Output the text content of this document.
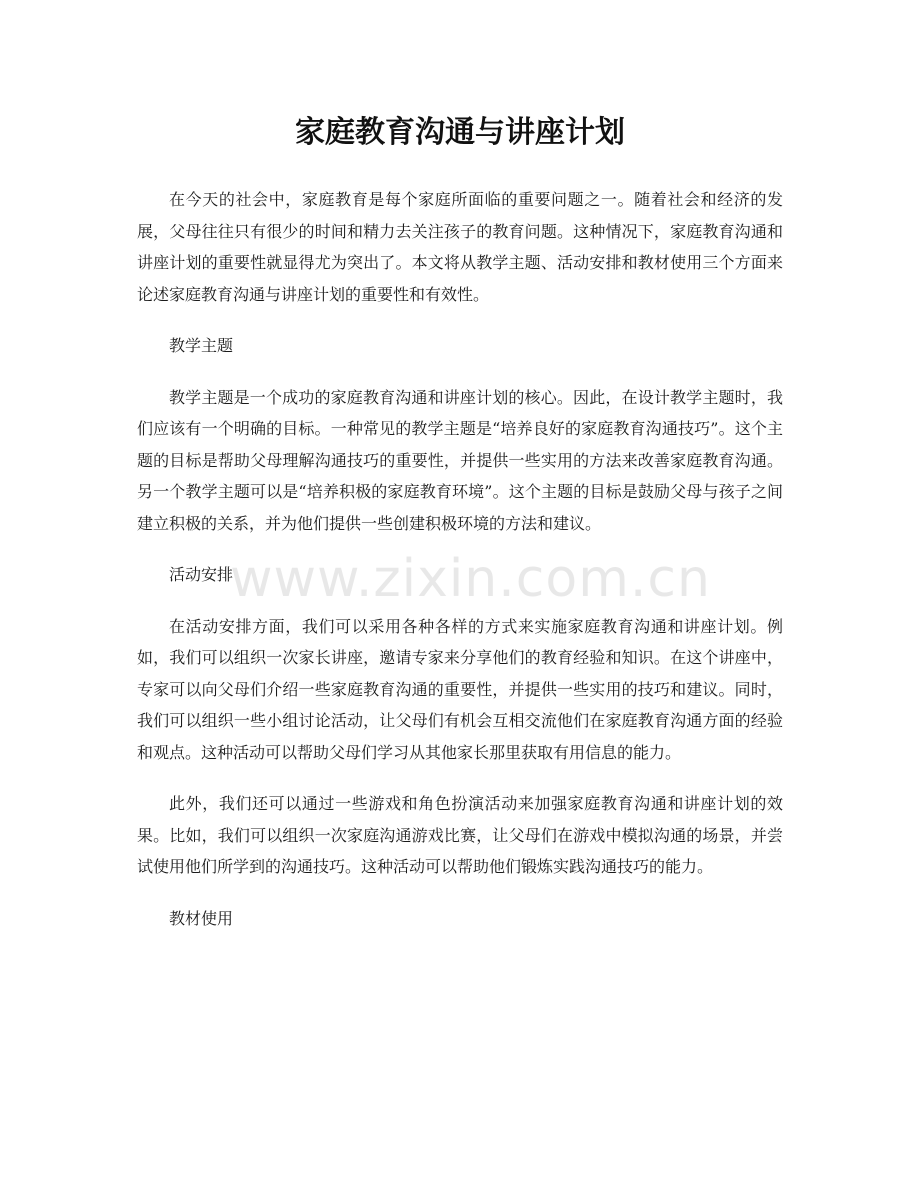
家庭教育沟通与讲座计划

在今天的社会中，家庭教育是每个家庭所面临的重要问题之一。随着社会和经济的发展，父母往往只有很少的时间和精力去关注孩子的教育问题。这种情况下，家庭教育沟通和讲座计划的重要性就显得尤为突出了。本文将从教学主题、活动安排和教材使用三个方面来论述家庭教育沟通与讲座计划的重要性和有效性。

教学主题

教学主题是一个成功的家庭教育沟通和讲座计划的核心。因此，在设计教学主题时，我们应该有一个明确的目标。一种常见的教学主题是“培养良好的家庭教育沟通技巧”。这个主题的目标是帮助父母理解沟通技巧的重要性，并提供一些实用的方法来改善家庭教育沟通。另一个教学主题可以是“培养积极的家庭教育环境”。这个主题的目标是鼓励父母与孩子之间建立积极的关系，并为他们提供一些创建积极环境的方法和建议。

活动安排

在活动安排方面，我们可以采用各种各样的方式来实施家庭教育沟通和讲座计划。例如，我们可以组织一次家长讲座，邀请专家来分享他们的教育经验和知识。在这个讲座中，专家可以向父母们介绍一些家庭教育沟通的重要性，并提供一些实用的技巧和建议。同时，我们可以组织一些小组讨论活动，让父母们有机会互相交流他们在家庭教育沟通方面的经验和观点。这种活动可以帮助父母们学习从其他家长那里获取有用信息的能力。

此外，我们还可以通过一些游戏和角色扮演活动来加强家庭教育沟通和讲座计划的效果。比如，我们可以组织一次家庭沟通游戏比赛，让父母们在游戏中模拟沟通的场景，并尝试使用他们所学到的沟通技巧。这种活动可以帮助他们锻炼实践沟通技巧的能力。

教材使用

www.zixin.com.cn
